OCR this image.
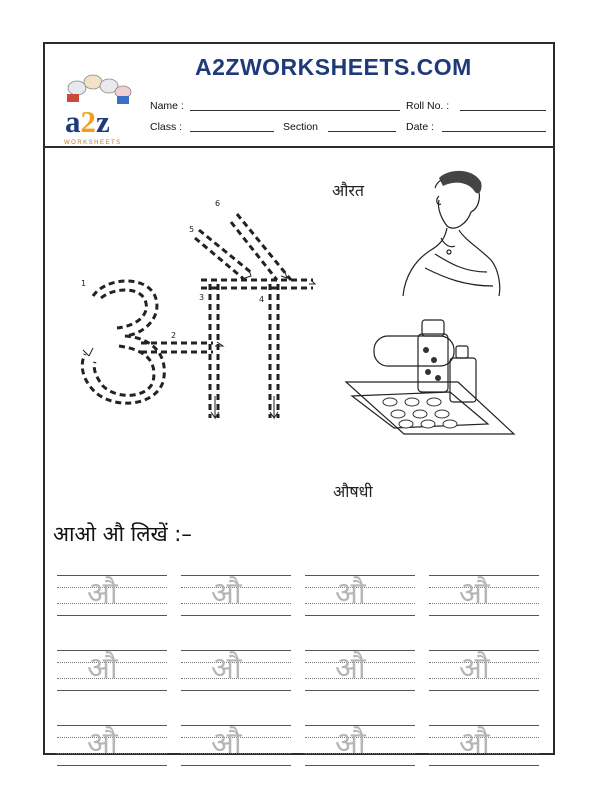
A2ZWORKSHEETS.COM
a2z
WORKSHEETS
Name :	Roll No. :
Class :	Section	Date :
1
2
3	4
5
6
औरत
औषधी
आओ औ लिखें :–
औ	औ	औ	औ
औ	औ	औ	औ
औ	औ	औ	औ
